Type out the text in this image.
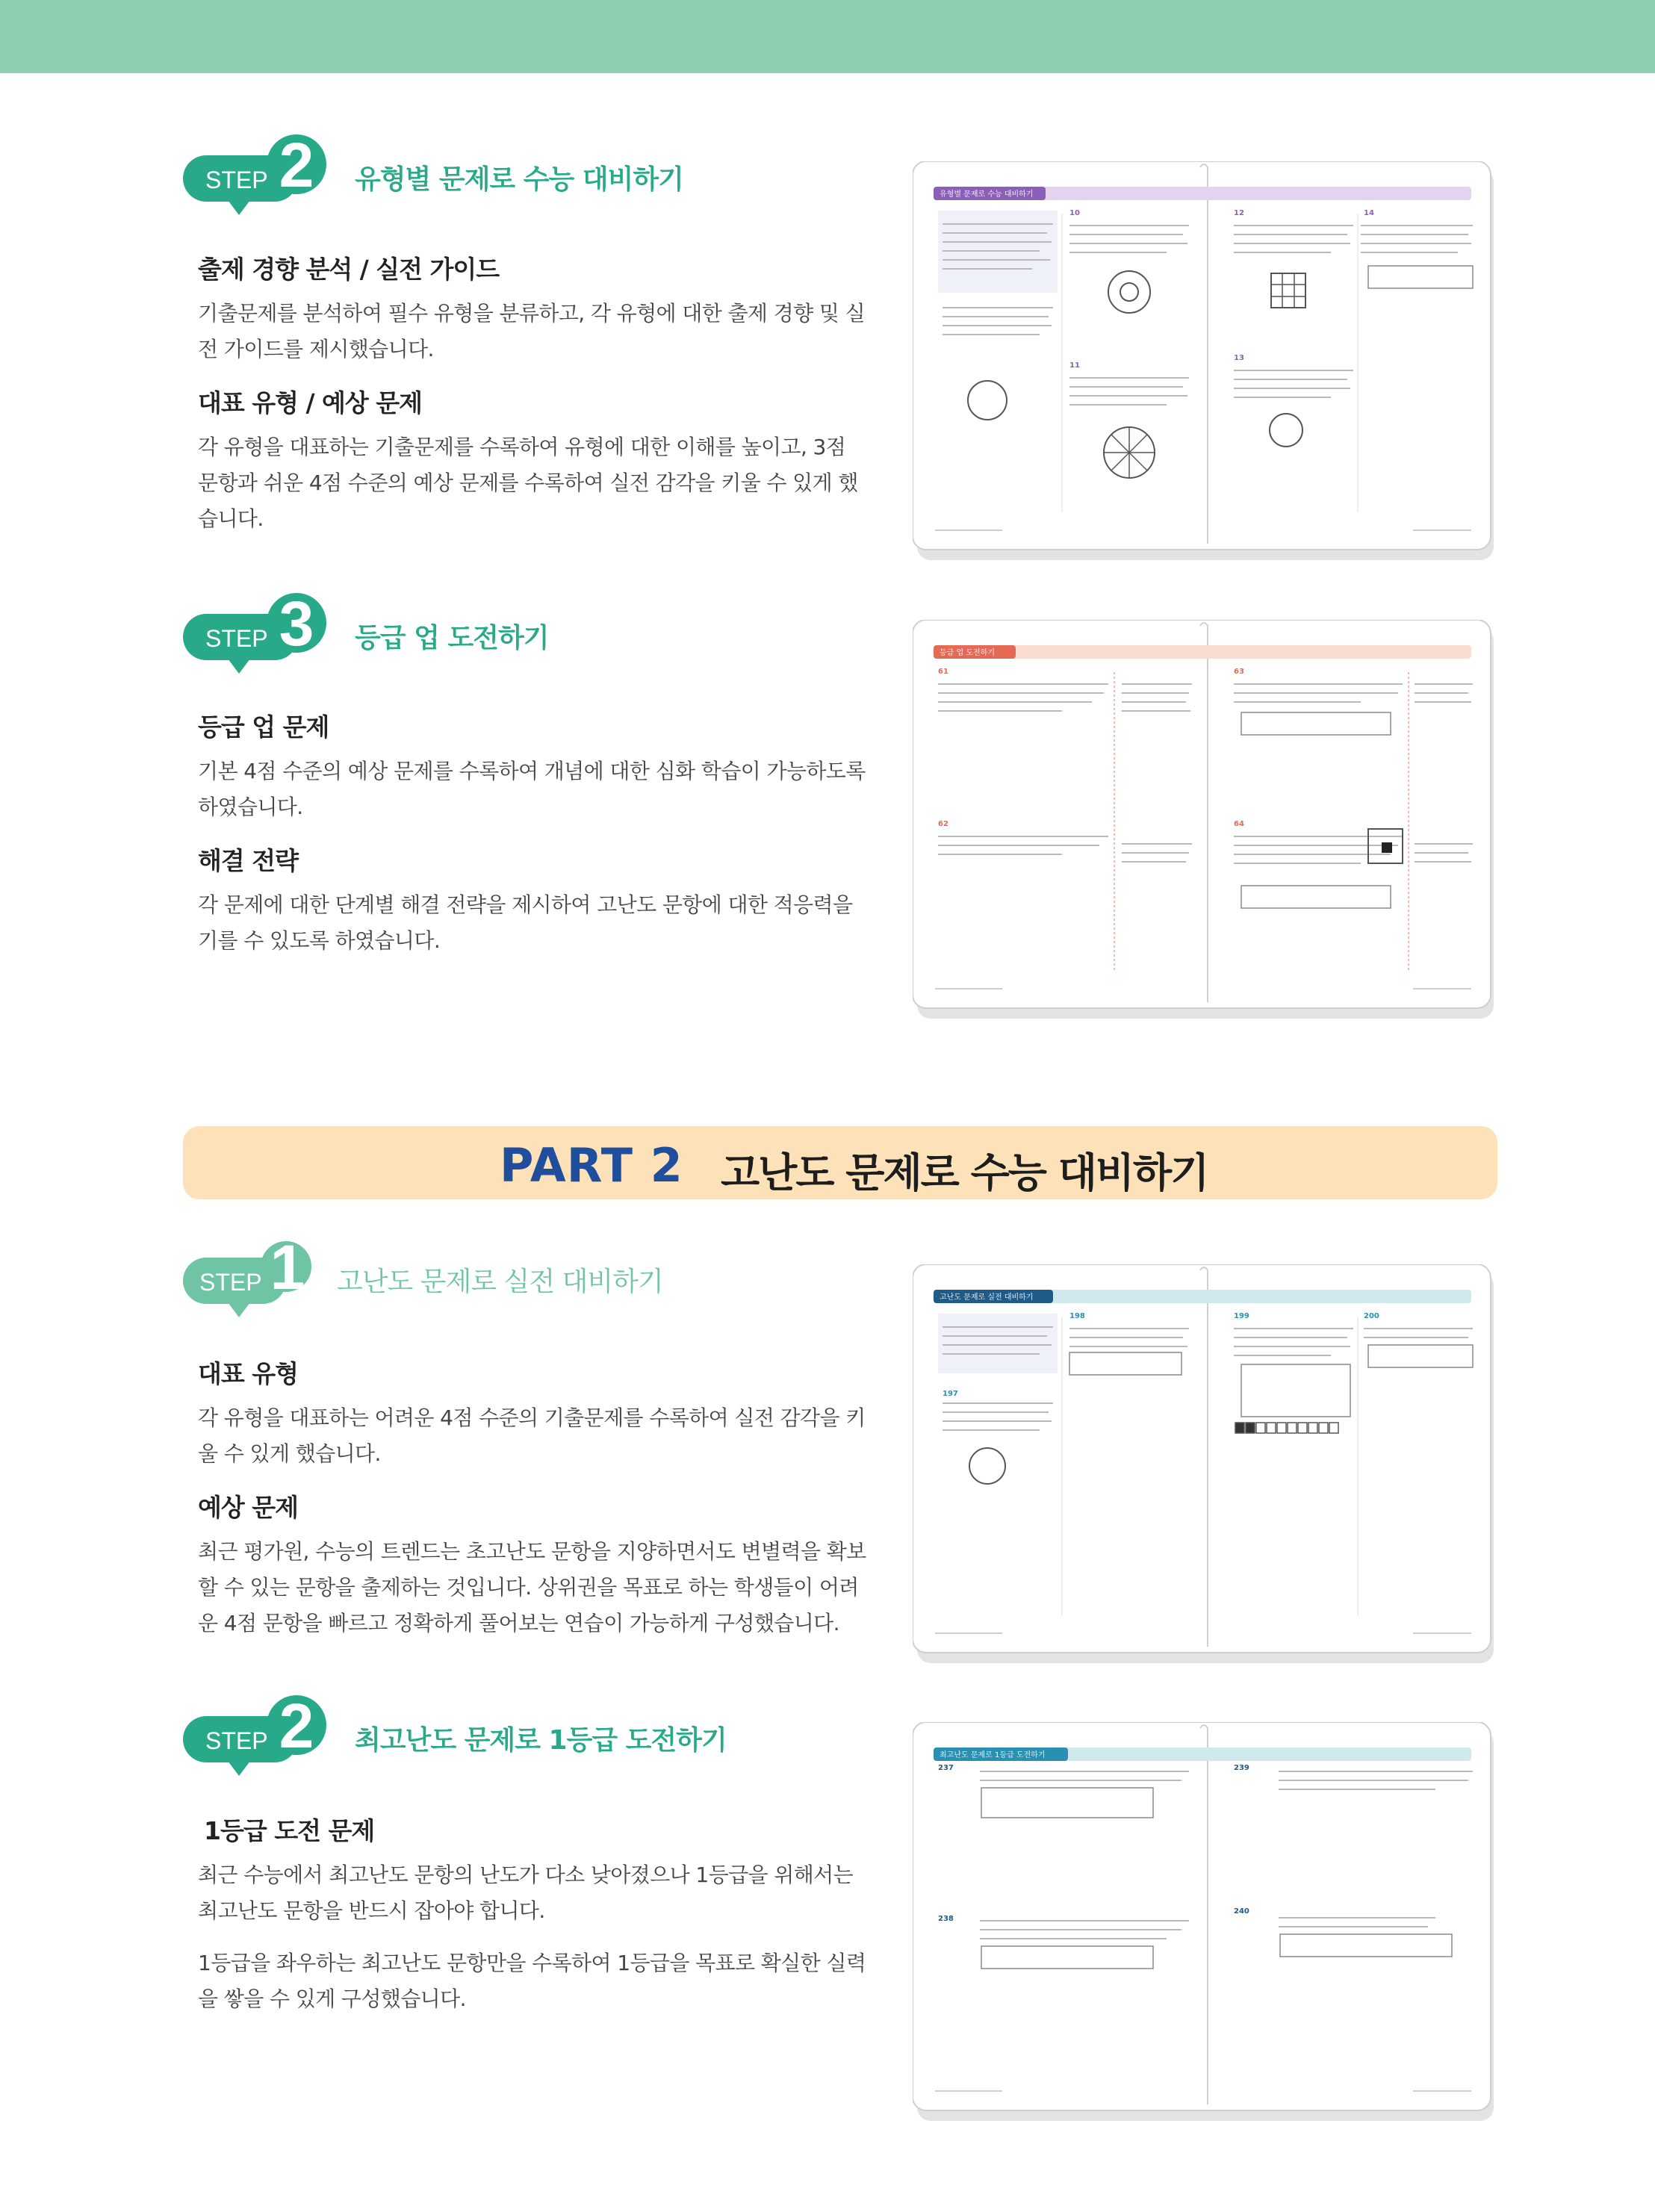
STEP 2 유형별 문제로 수능 대비하기
출제 경향 분석 / 실전 가이드

기출문제를 분석하여 필수 유형을 분류하고, 각 유형에 대한 출제 경향 및 실전 가이드를 제시했습니다.

대표 유형 / 예상 문제

각 유형을 대표하는 기출문제를 수록하여 유형에 대한 이해를 높이고, 3점 문항과 쉬운 4점 수준의 예상 문제를 수록하여 실전 감각을 키울 수 있게 했습니다.

유형별 문제로 수능 대비하기
10
11
12
13
14
STEP 3 등급 업 도전하기
등급 업 문제

기본 4점 수준의 예상 문제를 수록하여 개념에 대한 심화 학습이 가능하도록 하였습니다.

해결 전략

각 문제에 대한 단계별 해결 전략을 제시하여 고난도 문항에 대한 적응력을 기를 수 있도록 하였습니다.

등급 업 도전하기
61
62
63
64
PART 2 고난도 문제로 수능 대비하기
STEP 1 고난도 문제로 실전 대비하기
대표 유형

각 유형을 대표하는 어려운 4점 수준의 기출문제를 수록하여 실전 감각을 키울 수 있게 했습니다.

예상 문제

최근 평가원, 수능의 트렌드는 초고난도 문항을 지양하면서도 변별력을 확보할 수 있는 문항을 출제하는 것입니다. 상위권을 목표로 하는 학생들이 어려운 4점 문항을 빠르고 정확하게 풀어보는 연습이 가능하게 구성했습니다.

고난도 문제로 실전 대비하기
197
198	199	200
STEP 2 최고난도 문제로 1등급 도전하기
1등급 도전 문제

최근 수능에서 최고난도 문항의 난도가 다소 낮아졌으나 1등급을 위해서는 최고난도 문항을 반드시 잡아야 합니다.

1등급을 좌우하는 최고난도 문항만을 수록하여 1등급을 목표로 확실한 실력을 쌓을 수 있게 구성했습니다.

최고난도 문제로 1등급 도전하기
237
238
239
240
